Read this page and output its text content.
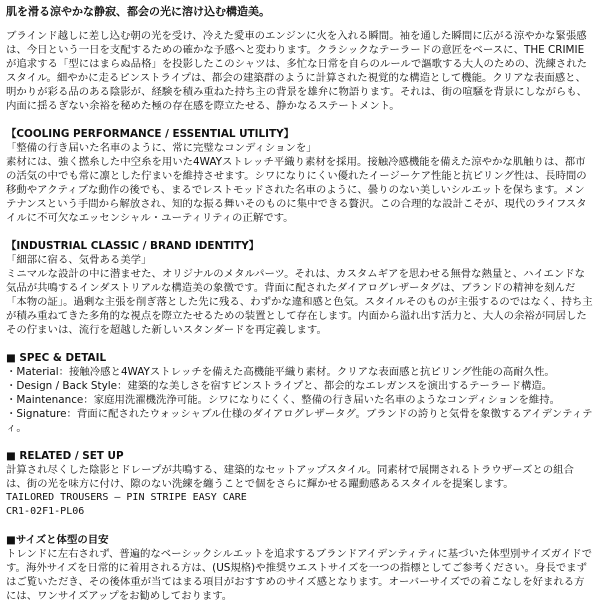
肌を滑る涼やかな静寂、都会の光に溶け込む構造美。

ブラインド越しに差し込む朝の光を受け、冷えた愛車のエンジンに火を入れる瞬間。袖を通した瞬間に広がる涼やかな緊張感は、今日という一日を支配するための確かな予感へと変わります。クラシックなテーラードの意匠をベースに、THE CRIMIEが追求する「型にはまらぬ品格」を投影したこのシャツは、多忙な日常を自らのルールで謳歌する大人のための、洗練されたスタイル。細やかに走るピンストライプは、都会の建築群のように計算された視覚的な構造として機能。クリアな表面感と、明かりが彩る品のある陰影が、経験を積み重ねた持ち主の背景を雄弁に物語ります。それは、街の喧騒を背景にしながらも、内面に揺るぎない余裕を秘めた極の存在感を際立たせる、静かなるステートメント。

【COOLING PERFORMANCE / ESSENTIAL UTILITY】

「整備の行き届いた名車のように、常に完璧なコンディションを」

素材には、強く撚糸した中空糸を用いた4WAYストレッチ平織り素材を採用。接触冷感機能を備えた涼やかな肌触りは、都市の活気の中でも常に凛とした佇まいを維持させます。シワになりにくい優れたイージーケア性能と抗ピリング性は、長時間の移動やアクティブな動作の後でも、まるでレストモッドされた名車のように、曇りのない美しいシルエットを保ちます。メンテナンスという手間から解放され、知的な振る舞いそのものに集中できる贅沢。この合理的な設計こそが、現代のライフスタイルに不可欠なエッセンシャル・ユーティリティの正解です。

【INDUSTRIAL CLASSIC / BRAND IDENTITY】

「細部に宿る、気骨ある美学」

ミニマルな設計の中に潜ませた、オリジナルのメタルパーツ。それは、カスタムギアを思わせる無骨な熱量と、ハイエンドな気品が共鳴するインダストリアルな構造美の象徴です。背面に配されたダイアログレザータグは、ブランドの精神を刻んだ「本物の証」。過剰な主張を削ぎ落とした先に残る、わずかな違和感と色気。スタイルそのものが主張するのではなく、持ち主が積み重ねてきた多角的な視点を際立たせるための装置として存在します。内面から溢れ出す活力と、大人の余裕が同居したその佇まいは、流行を超越した新しいスタンダードを再定義します。

■ SPEC & DETAIL

・Material：接触冷感と4WAYストレッチを備えた高機能平織り素材。クリアな表面感と抗ピリング性能の高耐久性。
・Design / Back Style：建築的な美しさを宿すピンストライプと、都会的なエレガンスを演出するテーラード構造。
・Maintenance：家庭用洗濯機洗浄可能。シワになりにくく、整備の行き届いた名車のようなコンディションを維持。
・Signature：背面に配されたウォッシャブル仕様のダイアログレザータグ。ブランドの誇りと気骨を象徴するアイデンティティ。

■ RELATED / SET UP

計算され尽くした陰影とドレープが共鳴する、建築的なセットアップスタイル。同素材で展開されるトラウザーズとの組合は、街の光を味方に付け、隙のない洗練を纏うことで個をさらに輝かせる躍動感あるスタイルを提案します。

TAILORED TROUSERS – PIN STRIPE EASY CARE

CR1-02F1-PL06

■サイズと体型の目安

トレンドに左右されず、普遍的なベーシックシルエットを追求するブランドアイデンティティに基づいた体型別サイズガイドです。海外サイズを日常的に着用される方は、(US規格)や推奨ウエストサイズを一つの指標としてご参考ください。身長でまずはご覧いただき、その後体重が当てはまる項目がおすすめのサイズ感となります。オーバーサイズでの着こなしを好まれる方には、ワンサイズアップをお勧めしております。
